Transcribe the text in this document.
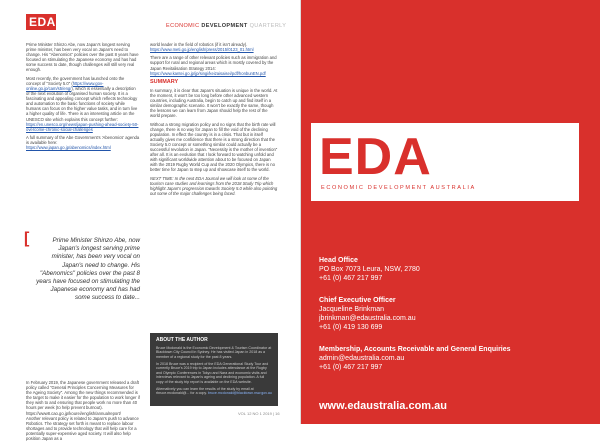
EDA	ECONOMIC DEVELOPMENT QUARTERLY

Prime Minister Shinzo Abe, now Japan's longest serving prime minister, has been very vocal on Japan's need to change. His "Abenomics" policies over the past 8 years have focused on stimulating the Japanese economy and has had some success to date, though challenges will still very real enough.

Most recently, the government has launched onto the concept of "Society 5.0" (https://www.gov-online.go.jp/cam/s5/eng/), which is essentially a description of the next evolution of organised human society. It is a fascinating and appealing concept which reflects technology and automation to the basic functions of society while humans can focus on the higher value tasks, and in turn live a higher quality of life. There is an interesting article on the UNESCO site which explains this concept further: https://en.unesco.org/news/japan-pushing-ahead-society-50-overcome-chronic-social-challenges

A full summary of the Abe Government's 'Abenomics' agenda is available here: https://www.japan.go.jp/abenomics/index.html

[	Prime Minister Shinzo Abe, now Japan's longest serving prime minister, has been very vocal on Japan's need to change. His "Abenomics" policies over the past 8 years have focused on stimulating the Japanese economy and has had some success to date...

In February 2019, the Japanese government released a draft policy called "General Principles Concerning Measures for the Ageing Society". Among the new things recommended is the target to make it easier for the population to work longer if they wish to and ensuring that people work no more than 40 hours per week (to help prevent burnout). https://www8.cao.go.jp/kourei/english/annualreport/

Another relevant policy is related to Japan's push to advance Robotics. The strategy set forth is meant to replace labour shortages and to provide technology that will help care for a potentially super-expensive aged society. It will also help position Japan as a

world leader in the field of robotics (if it isn't already). https://www.meti.go.jp/english/press/2015/0123_01.html

There are a range of other relevant policies such as immigration and support for rural and regional areas which is mostly covered by the Japan Revitalisation Strategy 2014: https://www.kantei.go.jp/jp/singi/keizaisaisei/pdf/honbunEN.pdf

SUMMARY

In summary, it is clear that Japan's situation is unique in the world. At the moment, it won't be too long before other advanced western countries, including Australia, begin to catch up and find itself in a similar demographic scenario. It won't be exactly the same, though the lessons we can learn from Japan should help the rest of the world prepare.

Without a strong migration policy and no signs that the birth rate will change, there is no way for Japan to fill the void of the declining population. In effect the country is in a crisis. That but in itself actually gives me confidence that there is a strong direction that the Society 5.0 concept or something similar could actually be a successful revolution in Japan. "Necessity is the mother of invention" after all. It is an evolution that I look forward to watching unfold and with significant worldwide attention about to be focused on Japan with the 2019 Rugby World Cup and the 2020 Olympics, there is no better time for Japan to step up and showcase itself to the world.

NEXT TIME: In the next EDA Journal we will look at some of the tourism case studies and learnings from the 2018 Study Trip which highlight Japan's progression towards Society 5.0 while also pointing out some of the major challenges being faced.

ABOUT THE AUTHOR

Bruce Mcdonald is the Economic Development & Tourism Coordinator at Blacktown City Council in Sydney. He has visited Japan in 2018 as a member of a regional study for the past 8 years.

In 2018 Bruce was a recipient of the EDA Generational Study Tour and currently Bruce's 2019 trip to Japan includes attendance at the Rugby and Olympic Conferences in Tokyo and Nara and economic visits and interviews relevant to Japan's ageing and declining population. A full copy of the study trip report is available on the EDA website.

Alternatively you can learn the results of the study by email at rbruce.mcdonald@... for a copy. bruce.mcdonald@blacktown.nsw.gov.au

VOL 12 NO 1 2019 | 16
EDA
ECONOMIC DEVELOPMENT AUSTRALIA
Head Office
PO Box 7073 Leura, NSW, 2780
+61 (0) 467 217 997
Chief Executive Officer
Jacqueline Brinkman
jbrinkman@edaustralia.com.au
+61 (0) 419 130 699
Membership, Accounts Receivable and General Enquiries
admin@edaustralia.com.au
+61 (0) 467 217 997
www.edaustralia.com.au
